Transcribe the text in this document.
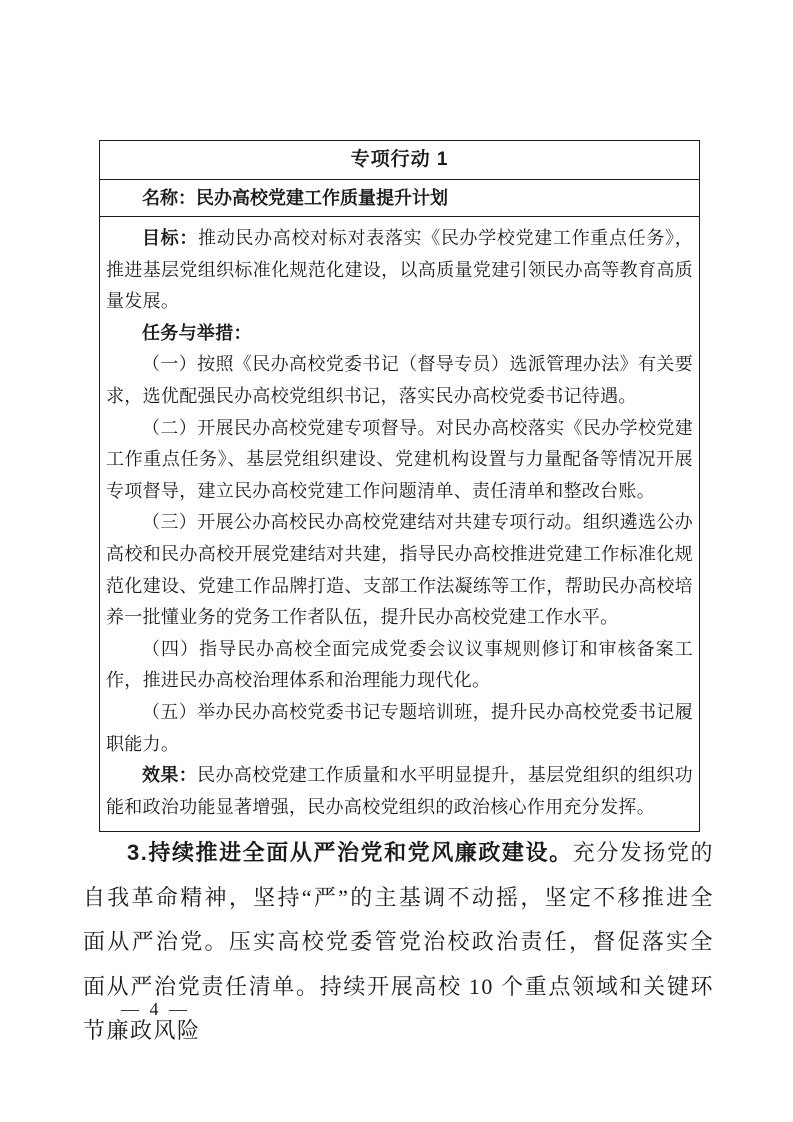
专项行动 1
名称：民办高校党建工作质量提升计划

目标：推动民办高校对标对表落实《民办学校党建工作重点任务》，推进基层党组织标准化规范化建设，以高质量党建引领民办高等教育高质量发展。

任务与举措：

（一）按照《民办高校党委书记（督导专员）选派管理办法》有关要求，选优配强民办高校党组织书记，落实民办高校党委书记待遇。

（二）开展民办高校党建专项督导。对民办高校落实《民办学校党建工作重点任务》、基层党组织建设、党建机构设置与力量配备等情况开展专项督导，建立民办高校党建工作问题清单、责任清单和整改台账。

（三）开展公办高校民办高校党建结对共建专项行动。组织遴选公办高校和民办高校开展党建结对共建，指导民办高校推进党建工作标准化规范化建设、党建工作品牌打造、支部工作法凝练等工作，帮助民办高校培养一批懂业务的党务工作者队伍，提升民办高校党建工作水平。

（四）指导民办高校全面完成党委会议议事规则修订和审核备案工作，推进民办高校治理体系和治理能力现代化。

（五）举办民办高校党委书记专题培训班，提升民办高校党委书记履职能力。

效果：民办高校党建工作质量和水平明显提升，基层党组织的组织功能和政治功能显著增强，民办高校党组织的政治核心作用充分发挥。

3.持续推进全面从严治党和党风廉政建设。充分发扬党的自我革命精神，坚持“严”的主基调不动摇，坚定不移推进全面从严治党。压实高校党委管党治校政治责任，督促落实全面从严治党责任清单。持续开展高校 10 个重点领域和关键环节廉政风险

— 4 —
